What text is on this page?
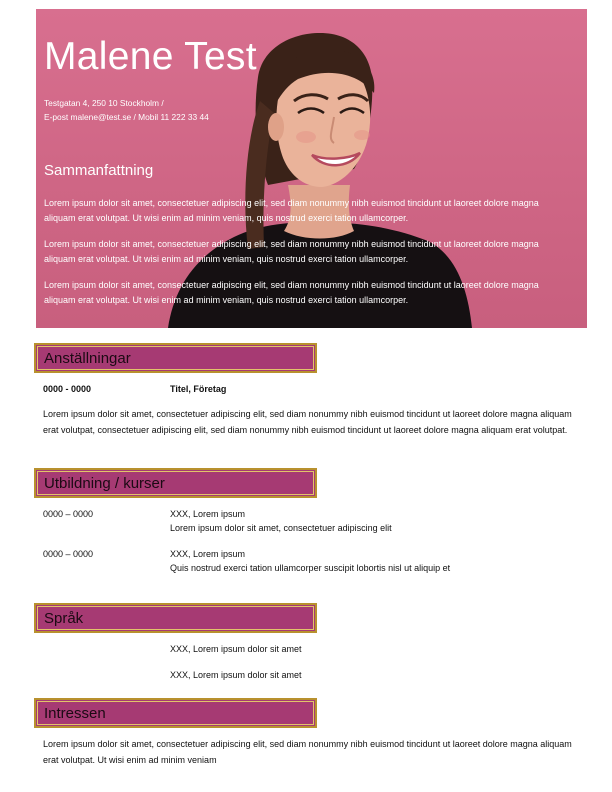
Malene Test
Testgatan 4, 250 10 Stockholm /
E-post malene@test.se / Mobil 11 222 33 44
Sammanfattning

Lorem ipsum dolor sit amet, consectetuer adipiscing elit, sed diam nonummy nibh euismod tincidunt ut laoreet dolore magna aliquam erat volutpat. Ut wisi enim ad minim veniam, quis nostrud exerci tation ullamcorper.

Lorem ipsum dolor sit amet, consectetuer adipiscing elit, sed diam nonummy nibh euismod tincidunt ut laoreet dolore magna aliquam erat volutpat. Ut wisi enim ad minim veniam, quis nostrud exerci tation ullamcorper.

Lorem ipsum dolor sit amet, consectetuer adipiscing elit, sed diam nonummy nibh euismod tincidunt ut laoreet dolore magna aliquam erat volutpat. Ut wisi enim ad minim veniam, quis nostrud exerci tation ullamcorper.

Anställningar
0000 - 0000	Titel, Företag

Lorem ipsum dolor sit amet, consectetuer adipiscing elit, sed diam nonummy nibh euismod tincidunt ut laoreet dolore magna aliquam erat volutpat, consectetuer adipiscing elit, sed diam nonummy nibh euismod tincidunt ut laoreet dolore magna aliquam erat volutpat.

Utbildning / kurser
0000 – 0000	XXX, Lorem ipsum
Lorem ipsum dolor sit amet, consectetuer adipiscing elit
0000 – 0000	XXX, Lorem ipsum
Quis nostrud exerci tation ullamcorper suscipit lobortis nisl ut aliquip et
Språk
XXX, Lorem ipsum dolor sit amet
XXX, Lorem ipsum dolor sit amet
Intressen

Lorem ipsum dolor sit amet, consectetuer adipiscing elit, sed diam nonummy nibh euismod tincidunt ut laoreet dolore magna aliquam erat volutpat. Ut wisi enim ad minim veniam
